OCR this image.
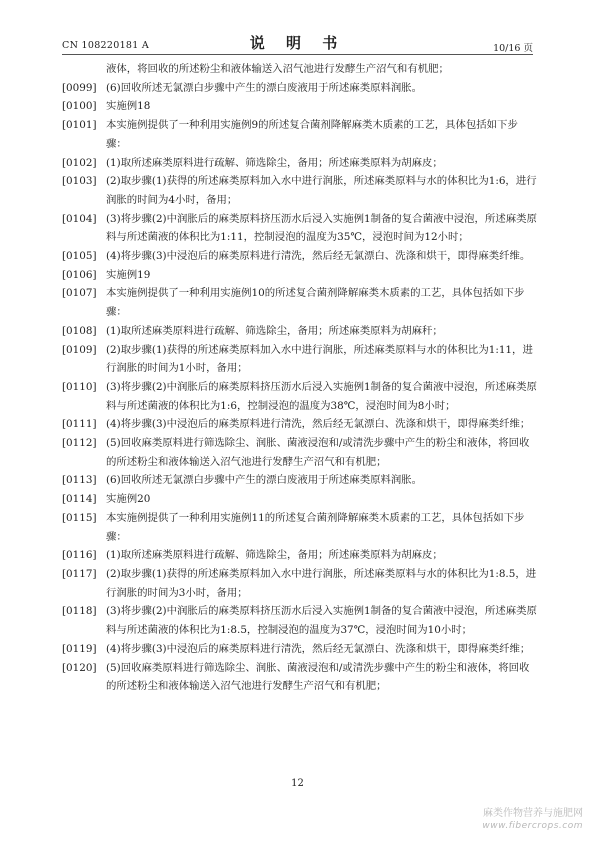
CN 108220181 A	说 明 书	10/16 页
液体，将回收的所述粉尘和液体输送入沼气池进行发酵生产沼气和有机肥；
[0099] (6)回收所述无氯漂白步骤中产生的漂白废液用于所述麻类原料润胀。
[0100] 实施例18
[0101] 本实施例提供了一种利用实施例9的所述复合菌剂降解麻类木质素的工艺，具体包括如下步骤：
[0102] (1)取所述麻类原料进行疏解、筛选除尘，备用；所述麻类原料为胡麻皮；
[0103] (2)取步骤(1)获得的所述麻类原料加入水中进行润胀，所述麻类原料与水的体积比为1:6，进行润胀的时间为4小时，备用；
[0104] (3)将步骤(2)中润胀后的麻类原料挤压沥水后浸入实施例1制备的复合菌液中浸泡，所述麻类原料与所述菌液的体积比为1:11，控制浸泡的温度为35℃，浸泡时间为12小时；
[0105] (4)将步骤(3)中浸泡后的麻类原料进行清洗，然后经无氯漂白、洗涤和烘干，即得麻类纤维。
[0106] 实施例19
[0107] 本实施例提供了一种利用实施例10的所述复合菌剂降解麻类木质素的工艺，具体包括如下步骤：
[0108] (1)取所述麻类原料进行疏解、筛选除尘，备用；所述麻类原料为胡麻秆；
[0109] (2)取步骤(1)获得的所述麻类原料加入水中进行润胀，所述麻类原料与水的体积比为1:11，进行润胀的时间为1小时，备用；
[0110] (3)将步骤(2)中润胀后的麻类原料挤压沥水后浸入实施例1制备的复合菌液中浸泡，所述麻类原料与所述菌液的体积比为1:6，控制浸泡的温度为38℃，浸泡时间为8小时；
[0111] (4)将步骤(3)中浸泡后的麻类原料进行清洗，然后经无氯漂白、洗涤和烘干，即得麻类纤维；
[0112] (5)回收麻类原料进行筛选除尘、润胀、菌液浸泡和/或清洗步骤中产生的粉尘和液体，将回收的所述粉尘和液体输送入沼气池进行发酵生产沼气和有机肥；
[0113] (6)回收所述无氯漂白步骤中产生的漂白废液用于所述麻类原料润胀。
[0114] 实施例20
[0115] 本实施例提供了一种利用实施例11的所述复合菌剂降解麻类木质素的工艺，具体包括如下步骤：
[0116] (1)取所述麻类原料进行疏解、筛选除尘，备用；所述麻类原料为胡麻皮；
[0117] (2)取步骤(1)获得的所述麻类原料加入水中进行润胀，所述麻类原料与水的体积比为1:8.5，进行润胀的时间为3小时，备用；
[0118] (3)将步骤(2)中润胀后的麻类原料挤压沥水后浸入实施例1制备的复合菌液中浸泡，所述麻类原料与所述菌液的体积比为1:8.5，控制浸泡的温度为37℃，浸泡时间为10小时；
[0119] (4)将步骤(3)中浸泡后的麻类原料进行清洗，然后经无氯漂白、洗涤和烘干，即得麻类纤维；
[0120] (5)回收麻类原料进行筛选除尘、润胀、菌液浸泡和/或清洗步骤中产生的粉尘和液体，将回收的所述粉尘和液体输送入沼气池进行发酵生产沼气和有机肥；
12
麻类作物营养与施肥网
www.fibercrops.com
